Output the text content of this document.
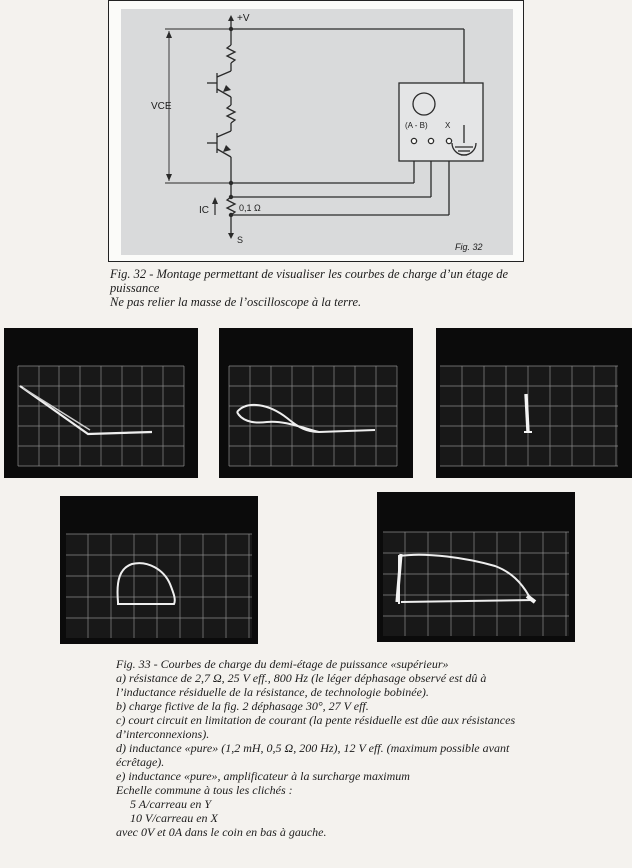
+V
VCE
IC	0,1 Ω
S
(A - B) X
Fig. 32

Fig. 32 - Montage permettant de visualiser les courbes de charge d’un étage de puissance

Ne pas relier la masse de l’oscilloscope à la terre.

Fig. 33 - Courbes de charge du demi-étage de puissance «supérieur»

a) résistance de 2,7 Ω, 25 V eff., 800 Hz (le léger déphasage observé est dû à l’inductance résiduelle de la résistance, de technologie bobinée).

b) charge fictive de la fig. 2 déphasage 30°, 27 V eff.

c) court circuit en limitation de courant (la pente résiduelle est dûe aux résistances d’interconnexions).

d) inductance «pure» (1,2 mH, 0,5 Ω, 200 Hz), 12 V eff. (maximum possible avant écrêtage).

e) inductance «pure», amplificateur à la surcharge maximum

Echelle commune à tous les clichés :

5 A/carreau en Y

10 V/carreau en X

avec 0V et 0A dans le coin en bas à gauche.
